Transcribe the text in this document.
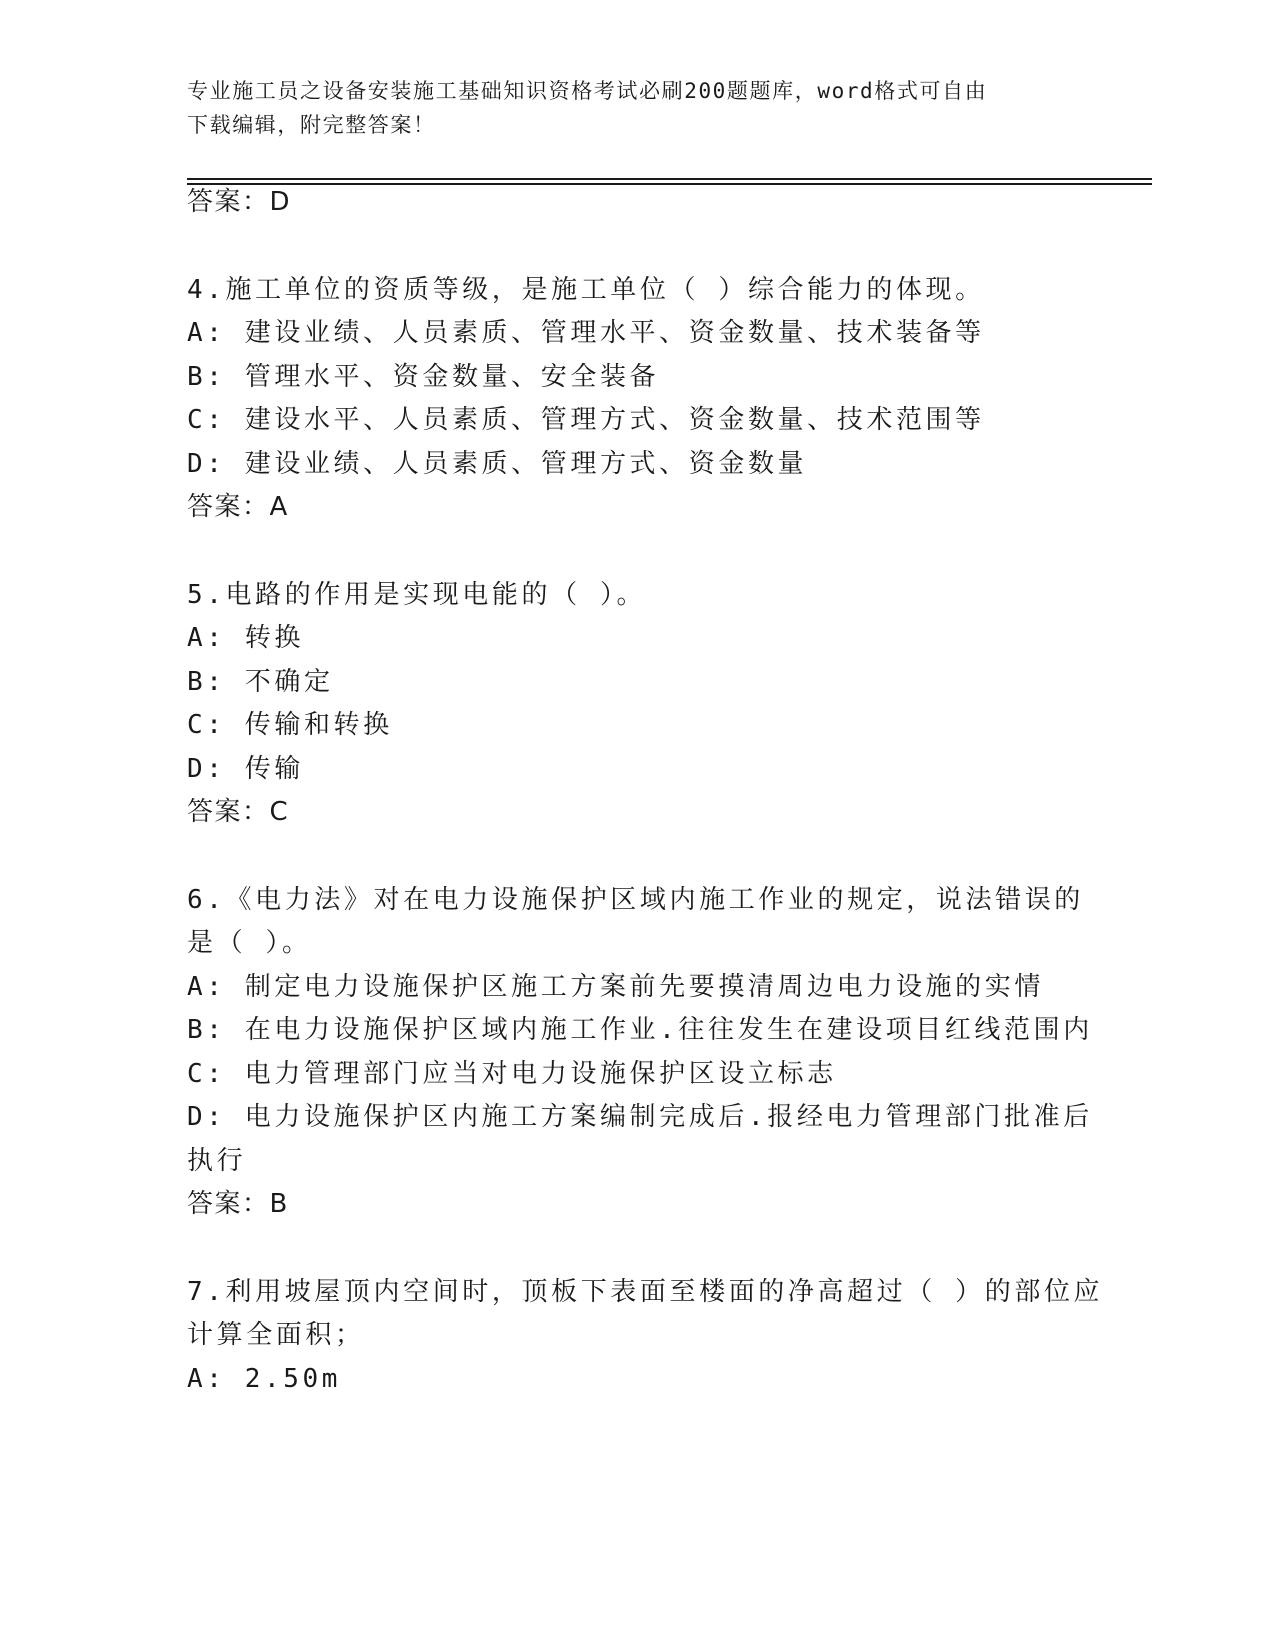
专业施工员之设备安装施工基础知识资格考试必刷200题题库，word格式可自由
下载编辑，附完整答案！
答案：D
4.施工单位的资质等级，是施工单位（ ）综合能力的体现。
A: 建设业绩、人员素质、管理水平、资金数量、技术装备等
B: 管理水平、资金数量、安全装备
C: 建设水平、人员素质、管理方式、资金数量、技术范围等
D: 建设业绩、人员素质、管理方式、资金数量
答案：A
5.电路的作用是实现电能的（ ）。
A: 转换
B: 不确定
C: 传输和转换
D: 传输
答案：C
6.《电力法》对在电力设施保护区域内施工作业的规定，说法错误的
是（ ）。
A: 制定电力设施保护区施工方案前先要摸清周边电力设施的实情
B: 在电力设施保护区域内施工作业.往往发生在建设项目红线范围内
C: 电力管理部门应当对电力设施保护区设立标志
D: 电力设施保护区内施工方案编制完成后.报经电力管理部门批准后
执行
答案：B
7.利用坡屋顶内空间时，顶板下表面至楼面的净高超过（ ）的部位应
计算全面积；
A: 2.50m
